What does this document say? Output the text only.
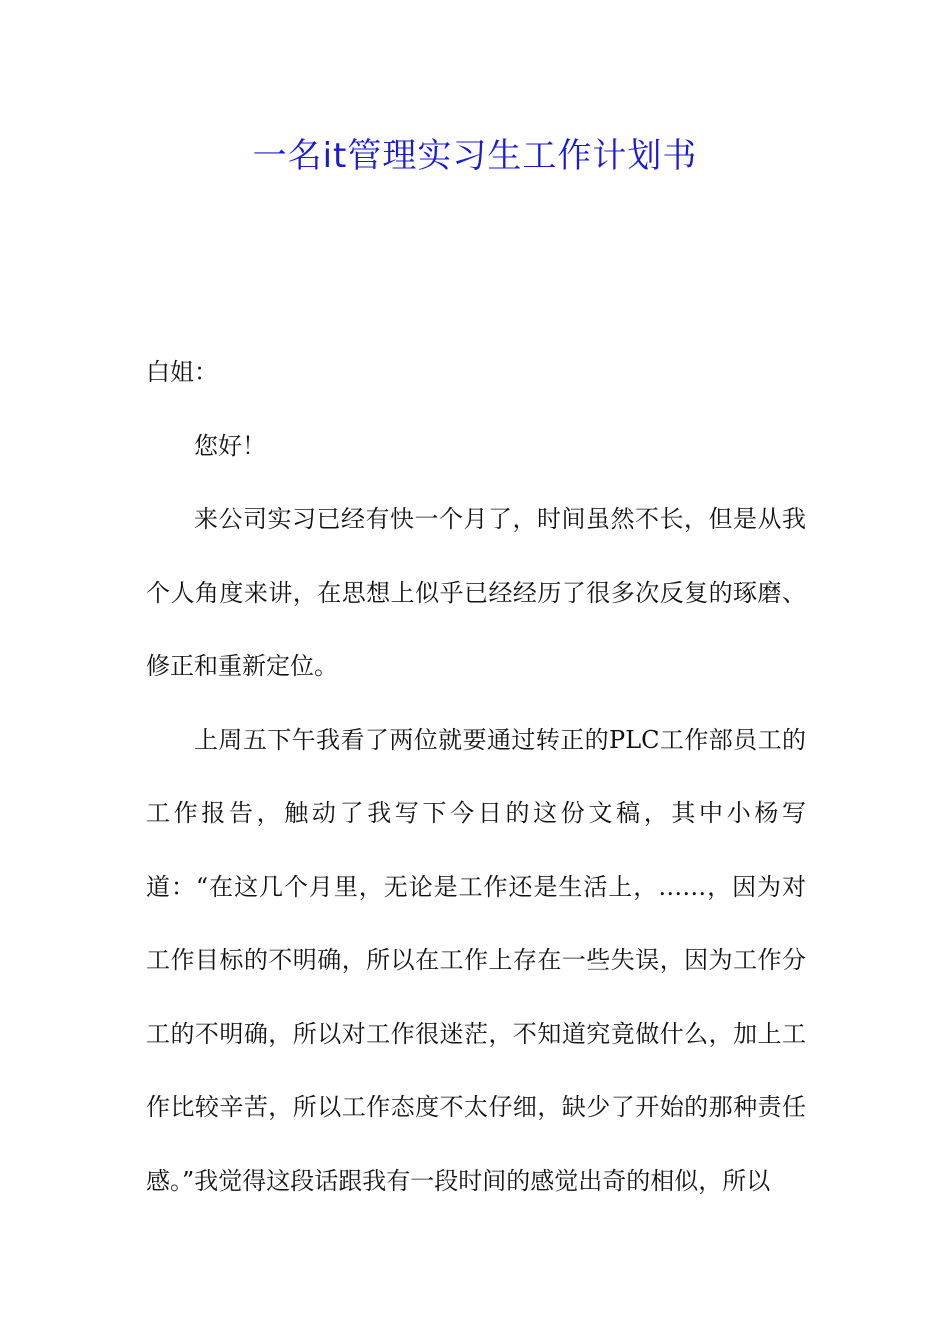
一名it管理实习生工作计划书

白姐：

您好！

来公司实习已经有快一个月了，时间虽然不长，但是从我个人角度来讲，在思想上似乎已经经历了很多次反复的琢磨、修正和重新定位。

上周五下午我看了两位就要通过转正的PLC工作部员工的工作报告，触动了我写下今日的这份文稿，其中小杨写道：“在这几个月里，无论是工作还是生活上，……，因为对工作目标的不明确，所以在工作上存在一些失误，因为工作分工的不明确，所以对工作很迷茫，不知道究竟做什么，加上工作比较辛苦，所以工作态度不太仔细，缺少了开始的那种责任感。”我觉得这段话跟我有一段时间的感觉出奇的相似，所以
